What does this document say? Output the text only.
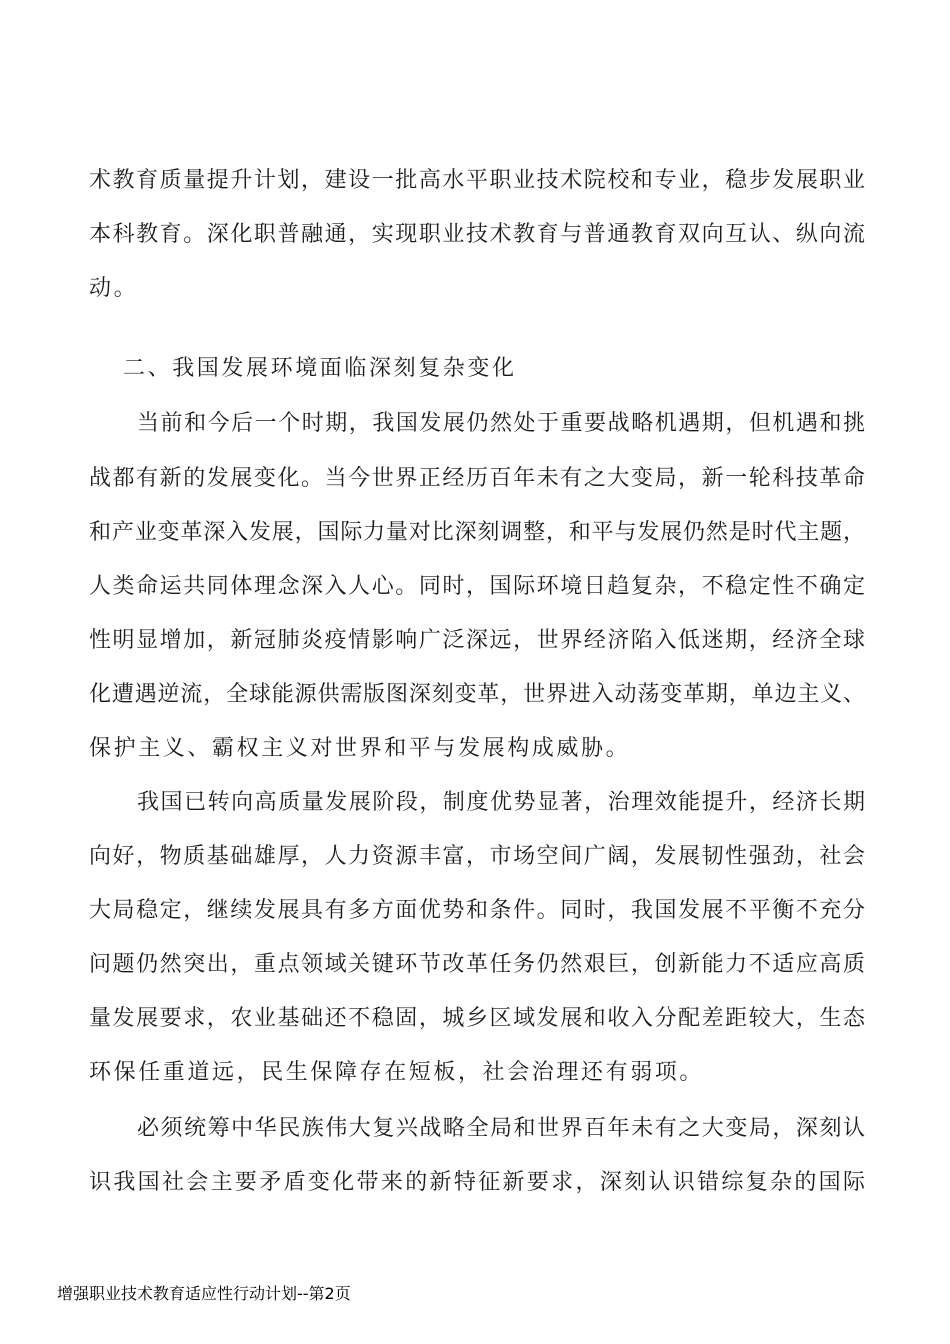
术教育质量提升计划，建设一批高水平职业技术院校和专业，稳步发展职业
本科教育。深化职普融通，实现职业技术教育与普通教育双向互认、纵向流
动。
二、我国发展环境面临深刻复杂变化
当前和今后一个时期，我国发展仍然处于重要战略机遇期，但机遇和挑
战都有新的发展变化。当今世界正经历百年未有之大变局，新一轮科技革命
和产业变革深入发展，国际力量对比深刻调整，和平与发展仍然是时代主题，
人类命运共同体理念深入人心。同时，国际环境日趋复杂，不稳定性不确定
性明显增加，新冠肺炎疫情影响广泛深远，世界经济陷入低迷期，经济全球
化遭遇逆流，全球能源供需版图深刻变革，世界进入动荡变革期，单边主义、
保护主义、霸权主义对世界和平与发展构成威胁。
我国已转向高质量发展阶段，制度优势显著，治理效能提升，经济长期
向好，物质基础雄厚，人力资源丰富，市场空间广阔，发展韧性强劲，社会
大局稳定，继续发展具有多方面优势和条件。同时，我国发展不平衡不充分
问题仍然突出，重点领域关键环节改革任务仍然艰巨，创新能力不适应高质
量发展要求，农业基础还不稳固，城乡区域发展和收入分配差距较大，生态
环保任重道远，民生保障存在短板，社会治理还有弱项。
必须统筹中华民族伟大复兴战略全局和世界百年未有之大变局，深刻认
识我国社会主要矛盾变化带来的新特征新要求，深刻认识错综复杂的国际
增强职业技术教育适应性行动计划--第2页
